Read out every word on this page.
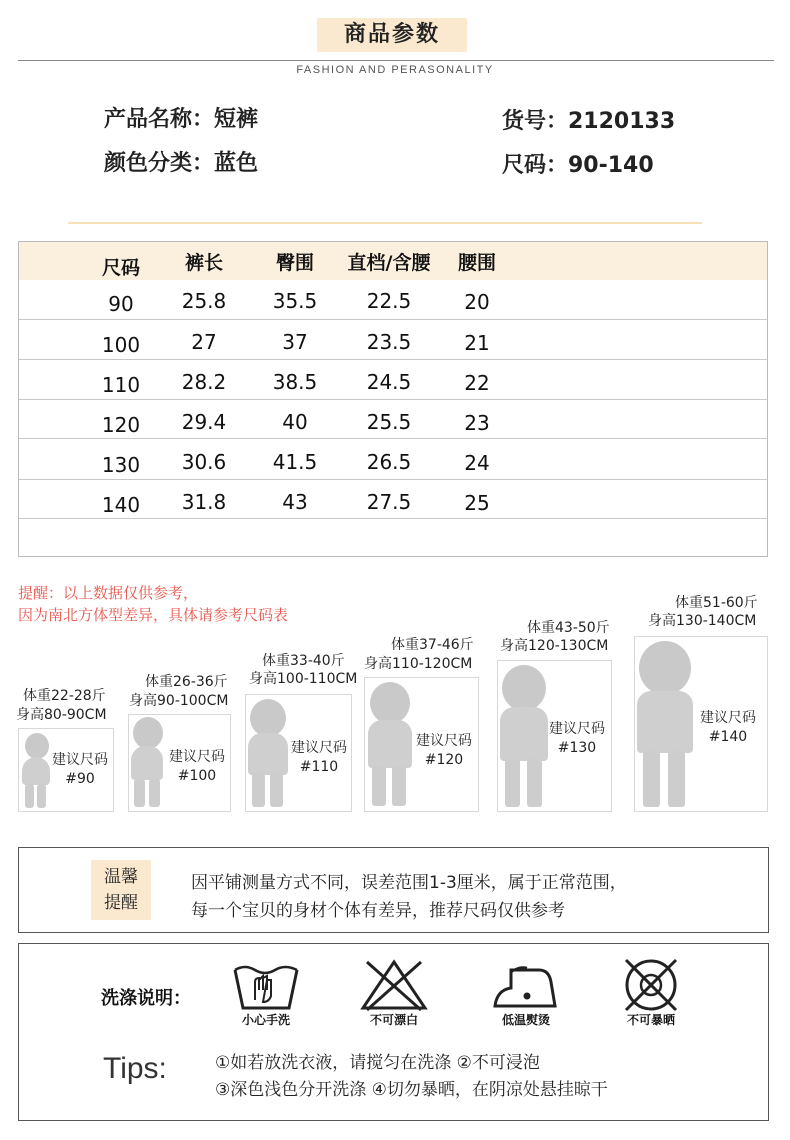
商品参数
FASHION AND PERASONALITY
产品名称：短裤
颜色分类：蓝色
货号：2120133
尺码：90-140
尺码	裤长	臀围	直档/含腰	腰围
90	25.8	35.5	22.5	20
100	27	37	23.5	21
110	28.2	38.5	24.5	22
120	29.4	40	25.5	23
130	30.6	41.5	26.5	24
140	31.8	43	27.5	25
提醒：以上数据仅供参考，
因为南北方体型差异，具体请参考尺码表
体重22-28斤
身高80-90CM
建议尺码
#90
体重26-36斤
身高90-100CM
建议尺码
#100
体重33-40斤
身高100-110CM
建议尺码
#110
体重37-46斤
身高110-120CM
建议尺码
#120
体重43-50斤
身高120-130CM
建议尺码
#130
体重51-60斤
身高130-140CM
建议尺码
#140
温馨
提醒
因平铺测量方式不同，误差范围1-3厘米，属于正常范围，
每一个宝贝的身材个体有差异，推荐尺码仅供参考
洗涤说明：
小心手洗	不可漂白	低温熨烫	不可暴晒
Tips:	①如若放洗衣液，请搅匀在洗涤 ②不可浸泡
③深色浅色分开洗涤 ④切勿暴晒，在阴凉处悬挂晾干
